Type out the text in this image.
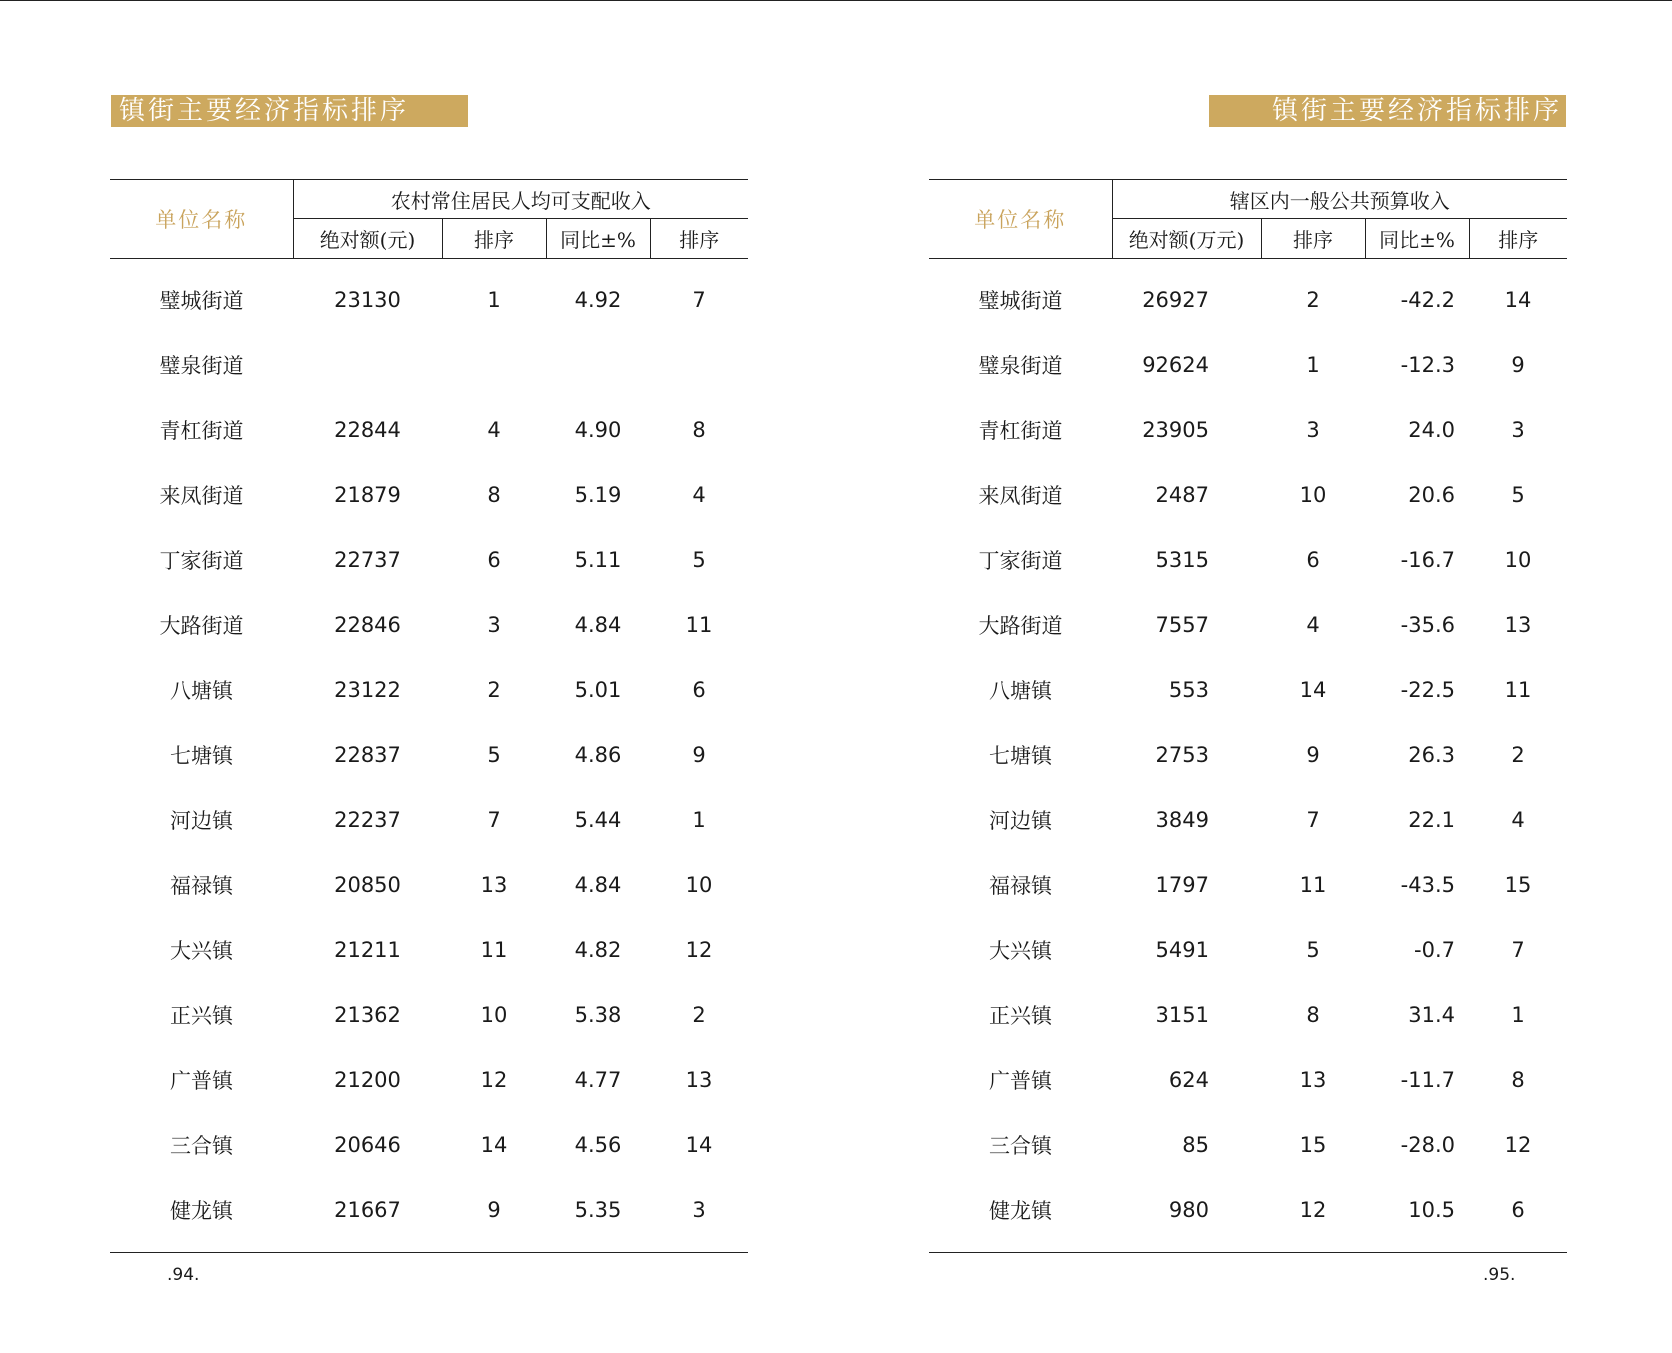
镇街主要经济指标排序
单位名称	农村常住居民人均可支配收入			
	绝对额(元)	排序	同比±%	排序
璧城街道	23130	1	4.92	7
璧泉街道				
青杠街道	22844	4	4.90	8
来凤街道	21879	8	5.19	4
丁家街道	22737	6	5.11	5
大路街道	22846	3	4.84	11
八塘镇	23122	2	5.01	6
七塘镇	22837	5	4.86	9
河边镇	22237	7	5.44	1
福禄镇	20850	13	4.84	10
大兴镇	21211	11	4.82	12
正兴镇	21362	10	5.38	2
广普镇	21200	12	4.77	13
三合镇	20646	14	4.56	14
健龙镇	21667	9	5.35	3
.94.
镇街主要经济指标排序
单位名称	辖区内一般公共预算收入			
	绝对额(万元)	排序	同比±%	排序
璧城街道	26927	2	-42.2	14
璧泉街道	92624	1	-12.3	9
青杠街道	23905	3	24.0	3
来凤街道	2487	10	20.6	5
丁家街道	5315	6	-16.7	10
大路街道	7557	4	-35.6	13
八塘镇	553	14	-22.5	11
七塘镇	2753	9	26.3	2
河边镇	3849	7	22.1	4
福禄镇	1797	11	-43.5	15
大兴镇	5491	5	-0.7	7
正兴镇	3151	8	31.4	1
广普镇	624	13	-11.7	8
三合镇	85	15	-28.0	12
健龙镇	980	12	10.5	6
.95.
